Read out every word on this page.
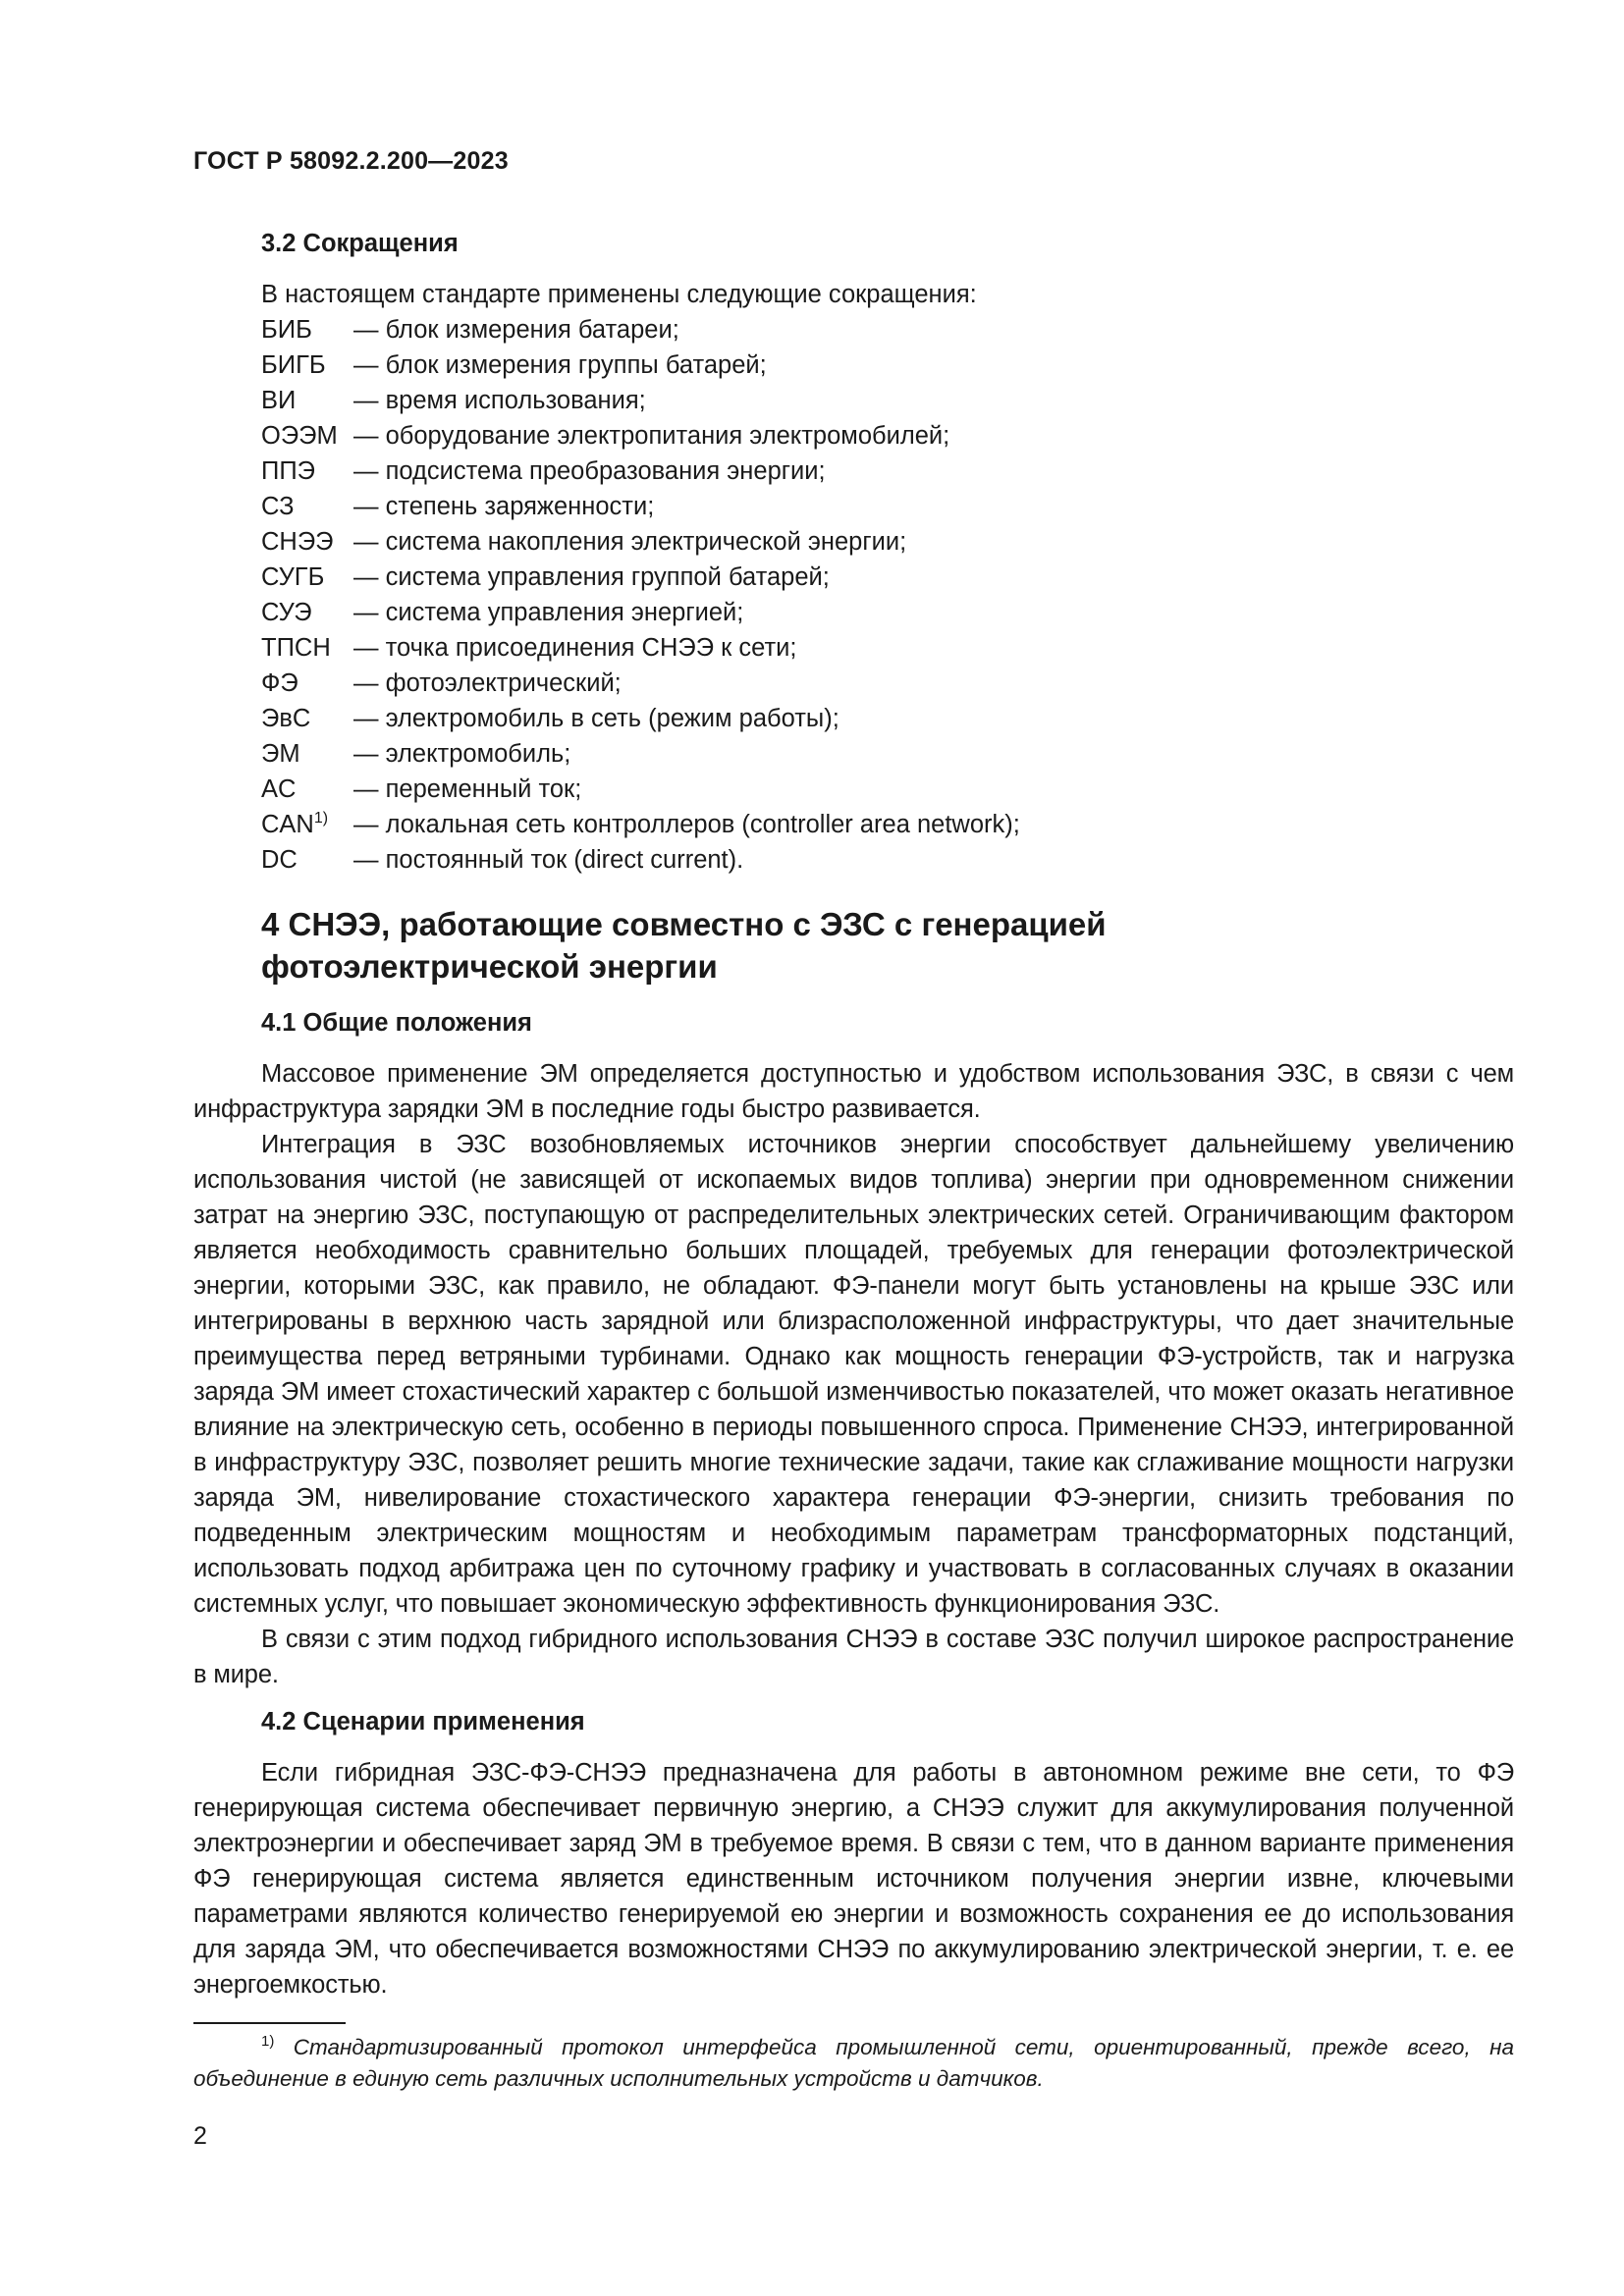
ГОСТ Р 58092.2.200—2023
3.2 Сокращения

В настоящем стандарте применены следующие сокращения:

БИБ	— блок измерения батареи;
БИГБ	— блок измерения группы батарей;
ВИ	— время использования;
ОЭЭМ — оборудование электропитания электромобилей;
ППЭ	— подсистема преобразования энергии;
СЗ	— степень заряженности;
СНЭЭ — система накопления электрической энергии;
СУГБ	— система управления группой батарей;
СУЭ	— система управления энергией;
ТПСН — точка присоединения СНЭЭ к сети;
ФЭ	— фотоэлектрический;
ЭвС	— электромобиль в сеть (режим работы);
ЭМ	— электромобиль;
AC	— переменный ток;
CAN$^{1)}$	— локальная сеть контроллеров (controller area network);
DC	— постоянный ток (direct current).
4 СНЭЭ, работающие совместно с ЭЗС с генерацией
фотоэлектрической энергии
4.1 Общие положения

Массовое применение ЭМ определяется доступностью и удобством использования ЭЗС, в связи с чем инфраструктура зарядки ЭМ в последние годы быстро развивается.

Интеграция в ЭЗС возобновляемых источников энергии способствует дальнейшему увеличению использования чистой (не зависящей от ископаемых видов топлива) энергии при одновременном снижении затрат на энергию ЭЗС, поступающую от распределительных электрических сетей. Ограничивающим фактором является необходимость сравнительно больших площадей, требуемых для генерации фотоэлектрической энергии, которыми ЭЗС, как правило, не обладают. ФЭ-панели могут быть установлены на крыше ЭЗС или интегрированы в верхнюю часть зарядной или близрасположенной инфраструктуры, что дает значительные преимущества перед ветряными турбинами. Однако как мощность генерации ФЭ-устройств, так и нагрузка заряда ЭМ имеет стохастический характер с большой изменчивостью показателей, что может оказать негативное влияние на электрическую сеть, особенно в периоды повышенного спроса. Применение СНЭЭ, интегрированной в инфраструктуру ЭЗС, позволяет решить многие технические задачи, такие как сглаживание мощности нагрузки заряда ЭМ, нивелирование стохастического характера генерации ФЭ-энергии, снизить требования по подведенным электрическим мощностям и необходимым параметрам трансформаторных подстанций, использовать подход арбитража цен по суточному графику и участвовать в согласованных случаях в оказании системных услуг, что повышает экономическую эффективность функционирования ЭЗС.

В связи с этим подход гибридного использования СНЭЭ в составе ЭЗС получил широкое распространение в мире.

4.2 Сценарии применения

Если гибридная ЭЗС-ФЭ-СНЭЭ предназначена для работы в автономном режиме вне сети, то ФЭ генерирующая система обеспечивает первичную энергию, а СНЭЭ служит для аккумулирования полученной электроэнергии и обеспечивает заряд ЭМ в требуемое время. В связи с тем, что в данном варианте применения ФЭ генерирующая система является единственным источником получения энергии извне, ключевыми параметрами являются количество генерируемой ею энергии и возможность сохранения ее до использования для заряда ЭМ, что обеспечивается возможностями СНЭЭ по аккумулированию электрической энергии, т. е. ее энергоемкостью.

$^{1)}$ Стандартизированный протокол интерфейса промышленной сети, ориентированный, прежде всего, на объединение в единую сеть различных исполнительных устройств и датчиков.
2
